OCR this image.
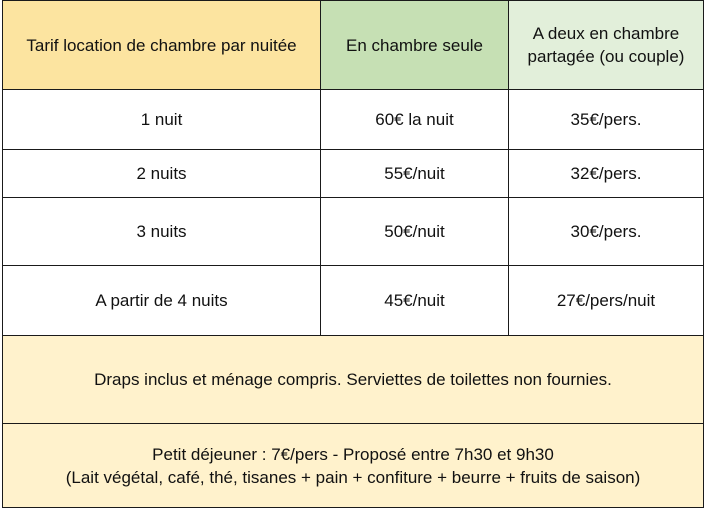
Tarif location de chambre par nuitée	En chambre seule	A deux en chambre
partagée (ou couple)

1 nuit	60€ la nuit	35€/pers.
2 nuits	55€/nuit	32€/pers.
3 nuits	50€/nuit	30€/pers.
A partir de 4 nuits	45€/nuit	27€/pers/nuit
Draps inclus et ménage compris. Serviettes de toilettes non fournies.		

Petit déjeuner : 7€/pers - Proposé entre 7h30 et 9h30
(Lait végétal, café, thé, tisanes + pain + confiture + beurre + fruits de saison)		
